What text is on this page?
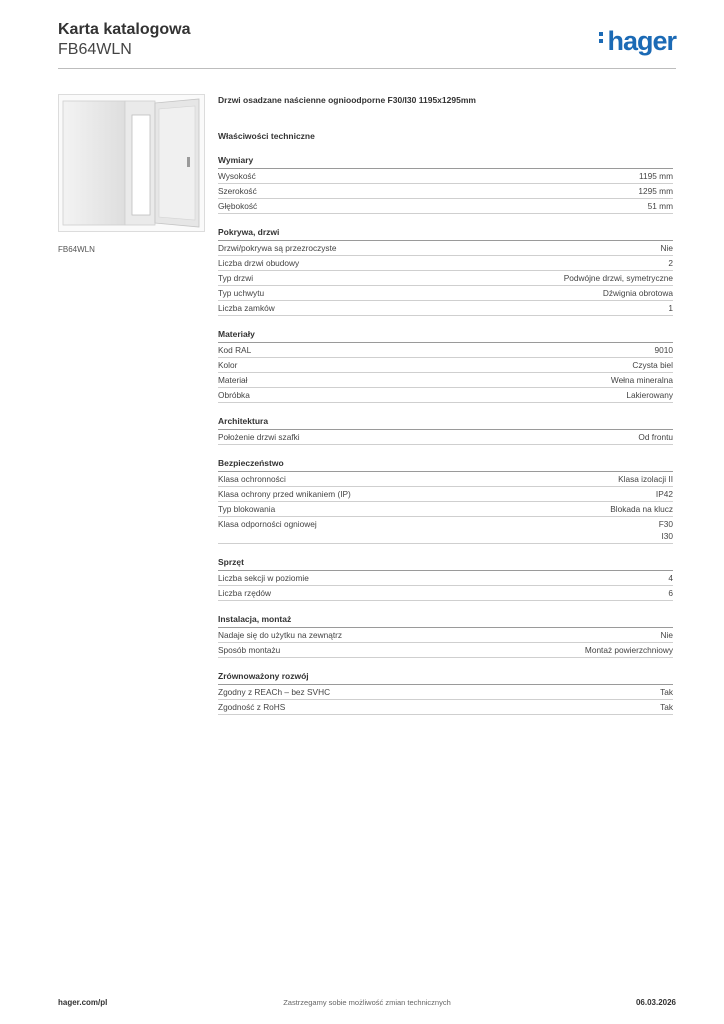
Karta katalogowa
FB64WLN	hager
FB64WLN
Drzwi osadzane naścienne ognioodporne F30/I30 1195x1295mm
Właściwości techniczne
Wymiary
Wysokość	1195 mm
Szerokość	1295 mm
Głębokość	51 mm
Pokrywa, drzwi
Drzwi/pokrywa są przezroczyste	Nie
Liczba drzwi obudowy	2
Typ drzwi	Podwójne drzwi, symetryczne
Typ uchwytu	Dźwignia obrotowa
Liczba zamków	1
Materiały
Kod RAL	9010
Kolor	Czysta biel
Materiał	Wełna mineralna
Obróbka	Lakierowany
Architektura
Położenie drzwi szafki	Od frontu
Bezpieczeństwo
Klasa ochronności	Klasa izolacji II
Klasa ochrony przed wnikaniem (IP)	IP42
Typ blokowania	Blokada na klucz
Klasa odporności ogniowej	F30
I30
Sprzęt
Liczba sekcji w poziomie	4
Liczba rzędów	6
Instalacja, montaż
Nadaje się do użytku na zewnątrz	Nie
Sposób montażu	Montaż powierzchniowy
Zrównoważony rozwój
Zgodny z REACh – bez SVHC	Tak
Zgodność z RoHS	Tak
hager.com/pl	Zastrzegamy sobie możliwość zmian technicznych	06.03.2026
